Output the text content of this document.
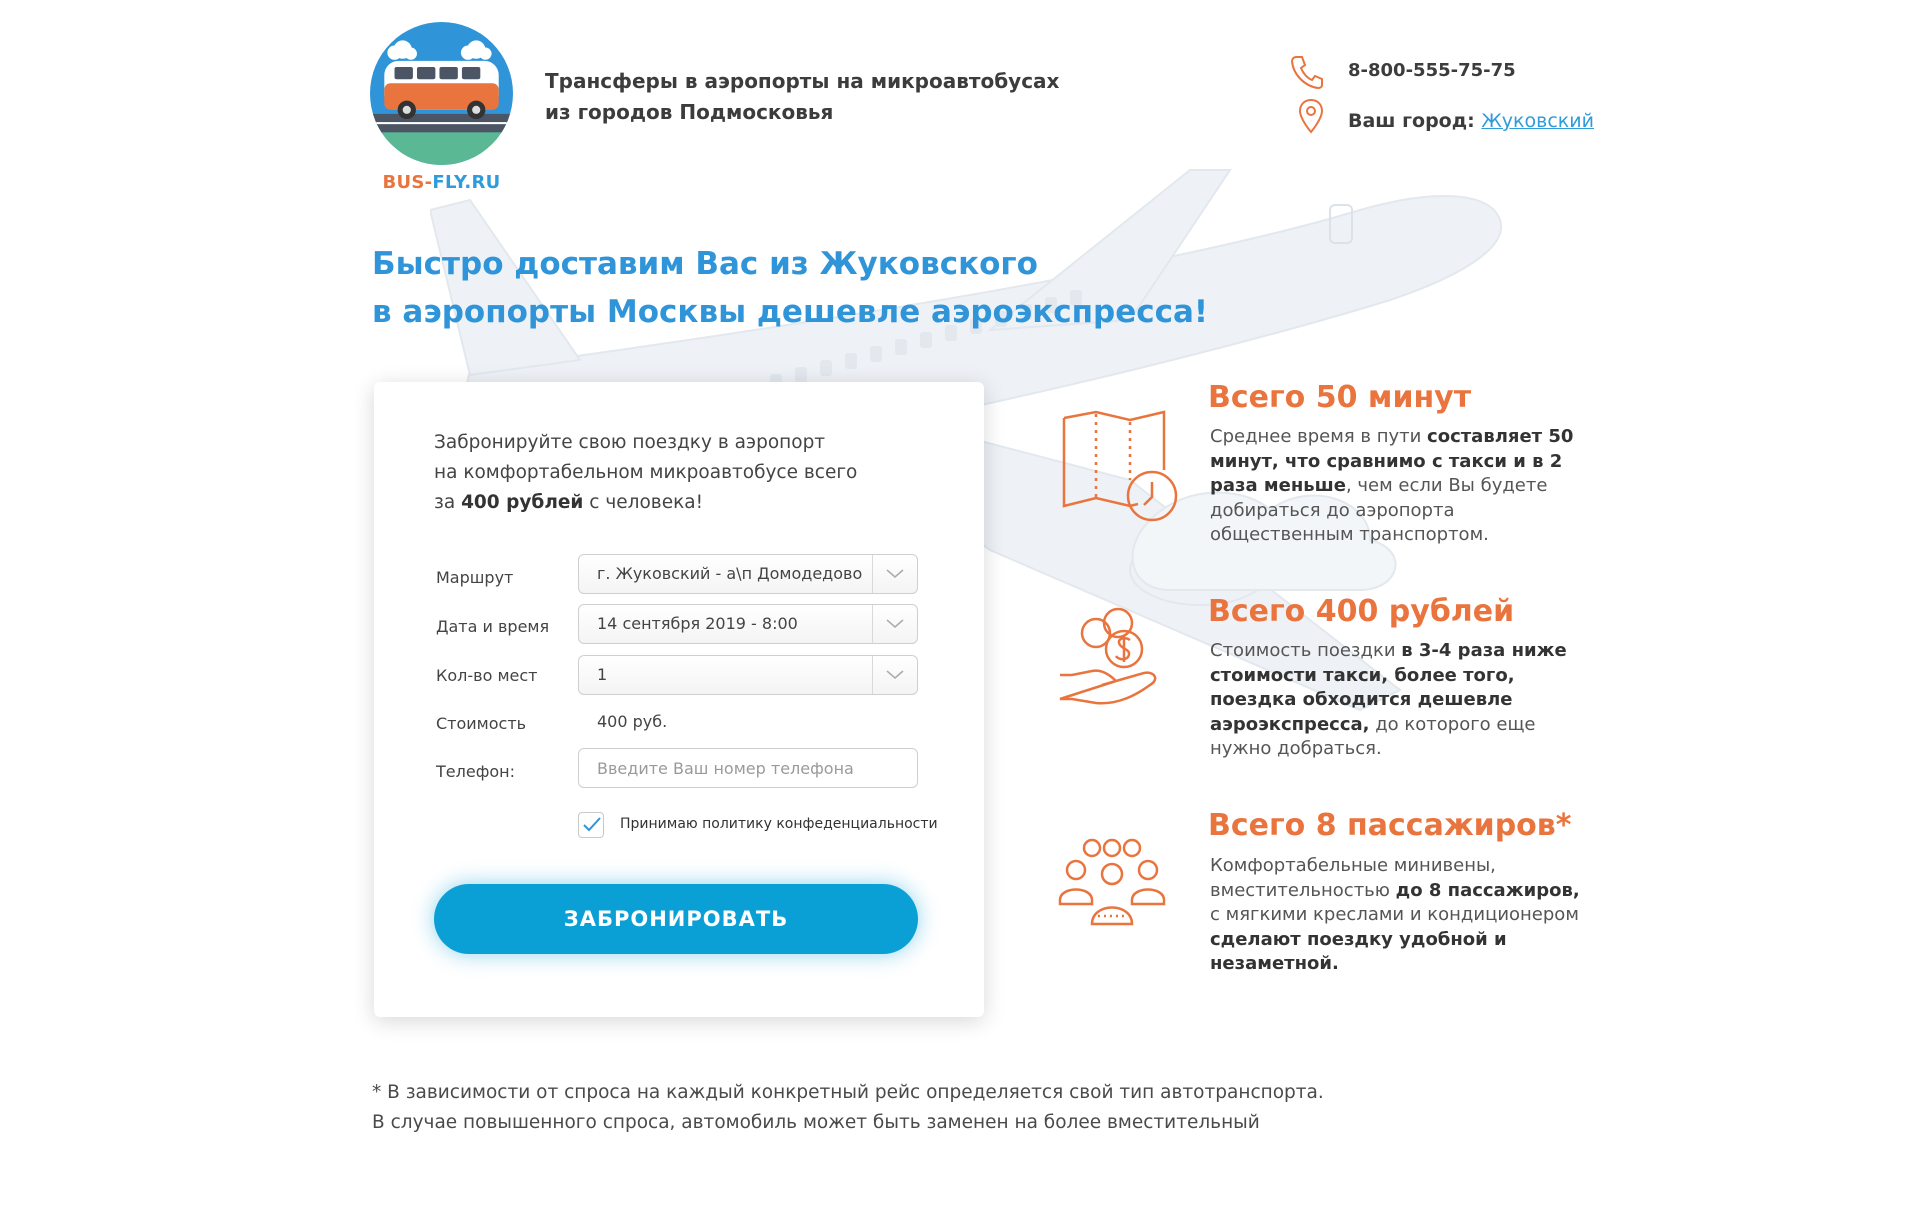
BUS-FLY.RU
Трансферы в аэропорты на микроавтобусах
из городов Подмосковья
8-800-555-75-75
Ваш город: Жуковский
Быстро доставим Вас из Жуковского
в аэропорты Москвы дешевле аэроэкспресса!
Забронируйте свою поездку в аэропорт
на комфортабельном микроавтобусе всего
за 400 рублей с человека!
Маршрут	г. Жуковский - а\п Домодедово
Дата и время	14 сентября 2019 - 8:00
Кол-во мест	1
Стоимость	400 руб.
Телефон:
Введите Ваш номер телефона
Принимаю политику конфеденциальности
ЗАБРОНИРОВАТЬ
Всего 50 минут
Среднее время в пути составляет 50 минут, что сравнимо с такси и в 2 раза меньше, чем если Вы будете добираться до аэропорта общественным транспортом.
Всего 400 рублей
Стоимость поездки в 3-4 раза ниже стоимости такси, более того, поездка обходится дешевле аэроэкспресса, до которого еще нужно добраться.
Всего 8 пассажиров*
Комфортабельные минивены, вместительностью до 8 пассажиров, с мягкими креслами и кондиционером сделают поездку удобной и незаметной.
* В зависимости от спроса на каждый конкретный рейс определяется свой тип автотранспорта.
В случае повышенного спроса, автомобиль может быть заменен на более вместительный
